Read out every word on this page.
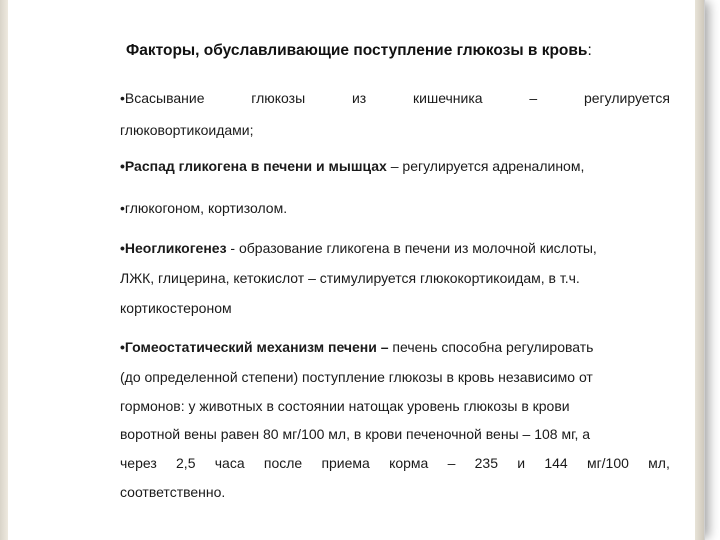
Факторы, обуславливающие поступление глюкозы в кровь:
•Всасывание	глюкозы	из	кишечника	–	регулируется
глюковортикоидами;
•Распад гликогена в печени и мышцах – регулируется адреналином,
•глюкогоном, кортизолом.
•Неогликогенез - образование гликогена в печени из молочной кислоты,
ЛЖК, глицерина, кетокислот – стимулируется глюкокортикоидам, в т.ч.
кортикостероном
•Гомеостатический механизм печени – печень способна регулировать
(до определенной степени) поступление глюкозы в кровь независимо от
гормонов: у животных в состоянии натощак уровень глюкозы в крови
воротной вены равен 80 мг/100 мл, в крови печеночной вены – 108 мг, а
через 2,5 часа после приема корма – 235 и 144 мг/100 мл,
соответственно.
